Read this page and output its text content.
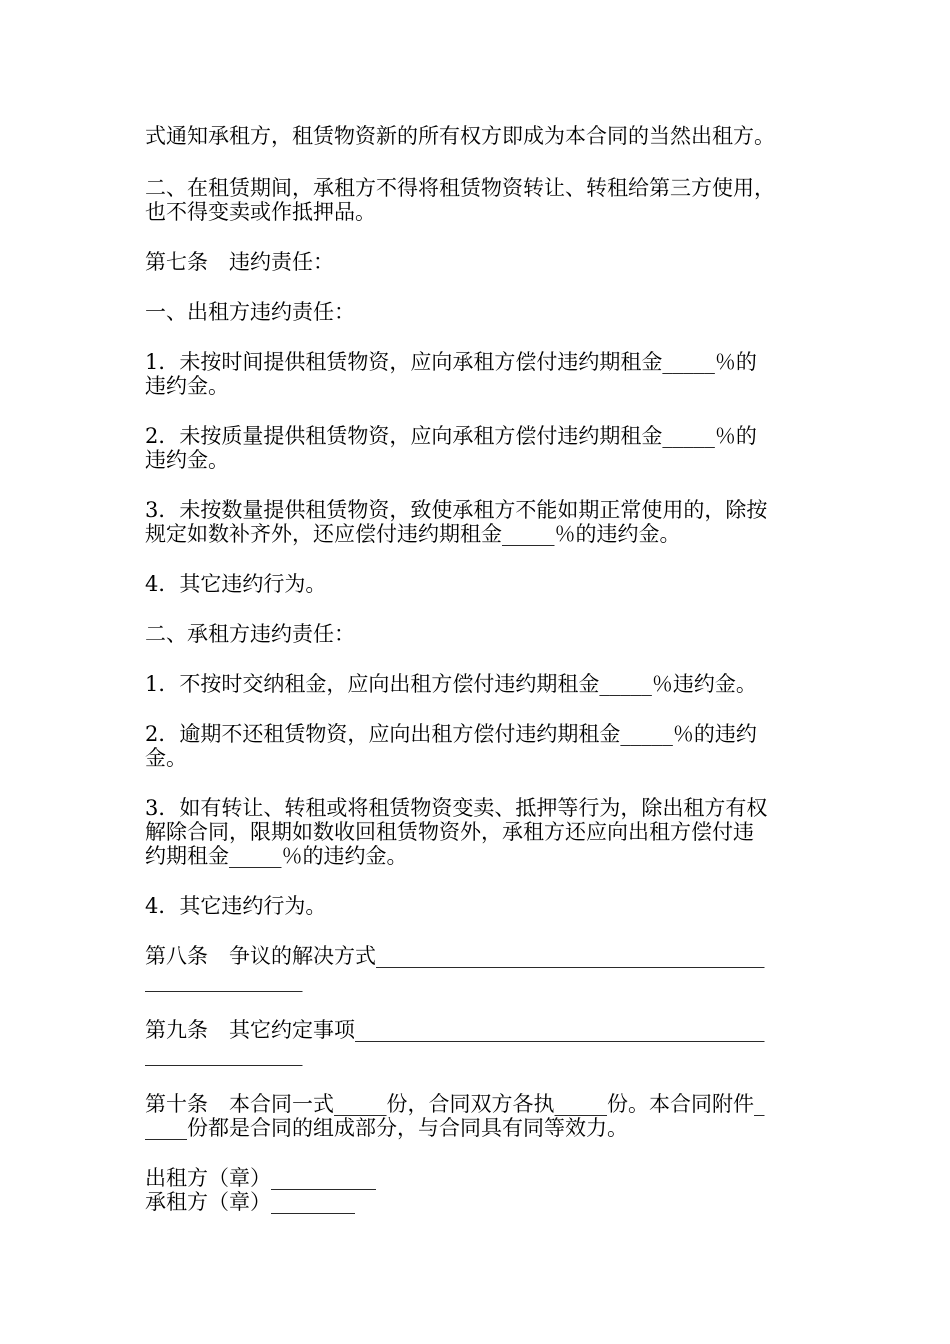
式通知承租方，租赁物资新的所有权方即成为本合同的当然出租方。
二、在租赁期间，承租方不得将租赁物资转让、转租给第三方使用，
也不得变卖或作抵押品。
第七条　违约责任：
一、出租方违约责任：
1．未按时间提供租赁物资，应向承租方偿付违约期租金_____％的
违约金。
2．未按质量提供租赁物资，应向承租方偿付违约期租金_____％的
违约金。
3．未按数量提供租赁物资，致使承租方不能如期正常使用的，除按
规定如数补齐外，还应偿付违约期租金_____％的违约金。
4．其它违约行为。
二、承租方违约责任：
1．不按时交纳租金，应向出租方偿付违约期租金_____％违约金。
2．逾期不还租赁物资，应向出租方偿付违约期租金_____％的违约
金。
3．如有转让、转租或将租赁物资变卖、抵押等行为，除出租方有权
解除合同，限期如数收回租赁物资外，承租方还应向出租方偿付违
约期租金_____％的违约金。
4．其它违约行为。
第八条　争议的解决方式_____________________________________
_______________
第九条　其它约定事项_______________________________________
_______________
第十条　本合同一式_____份，合同双方各执_____份。本合同附件_
____份都是合同的组成部分，与合同具有同等效力。
出租方（章）__________
承租方（章）________
